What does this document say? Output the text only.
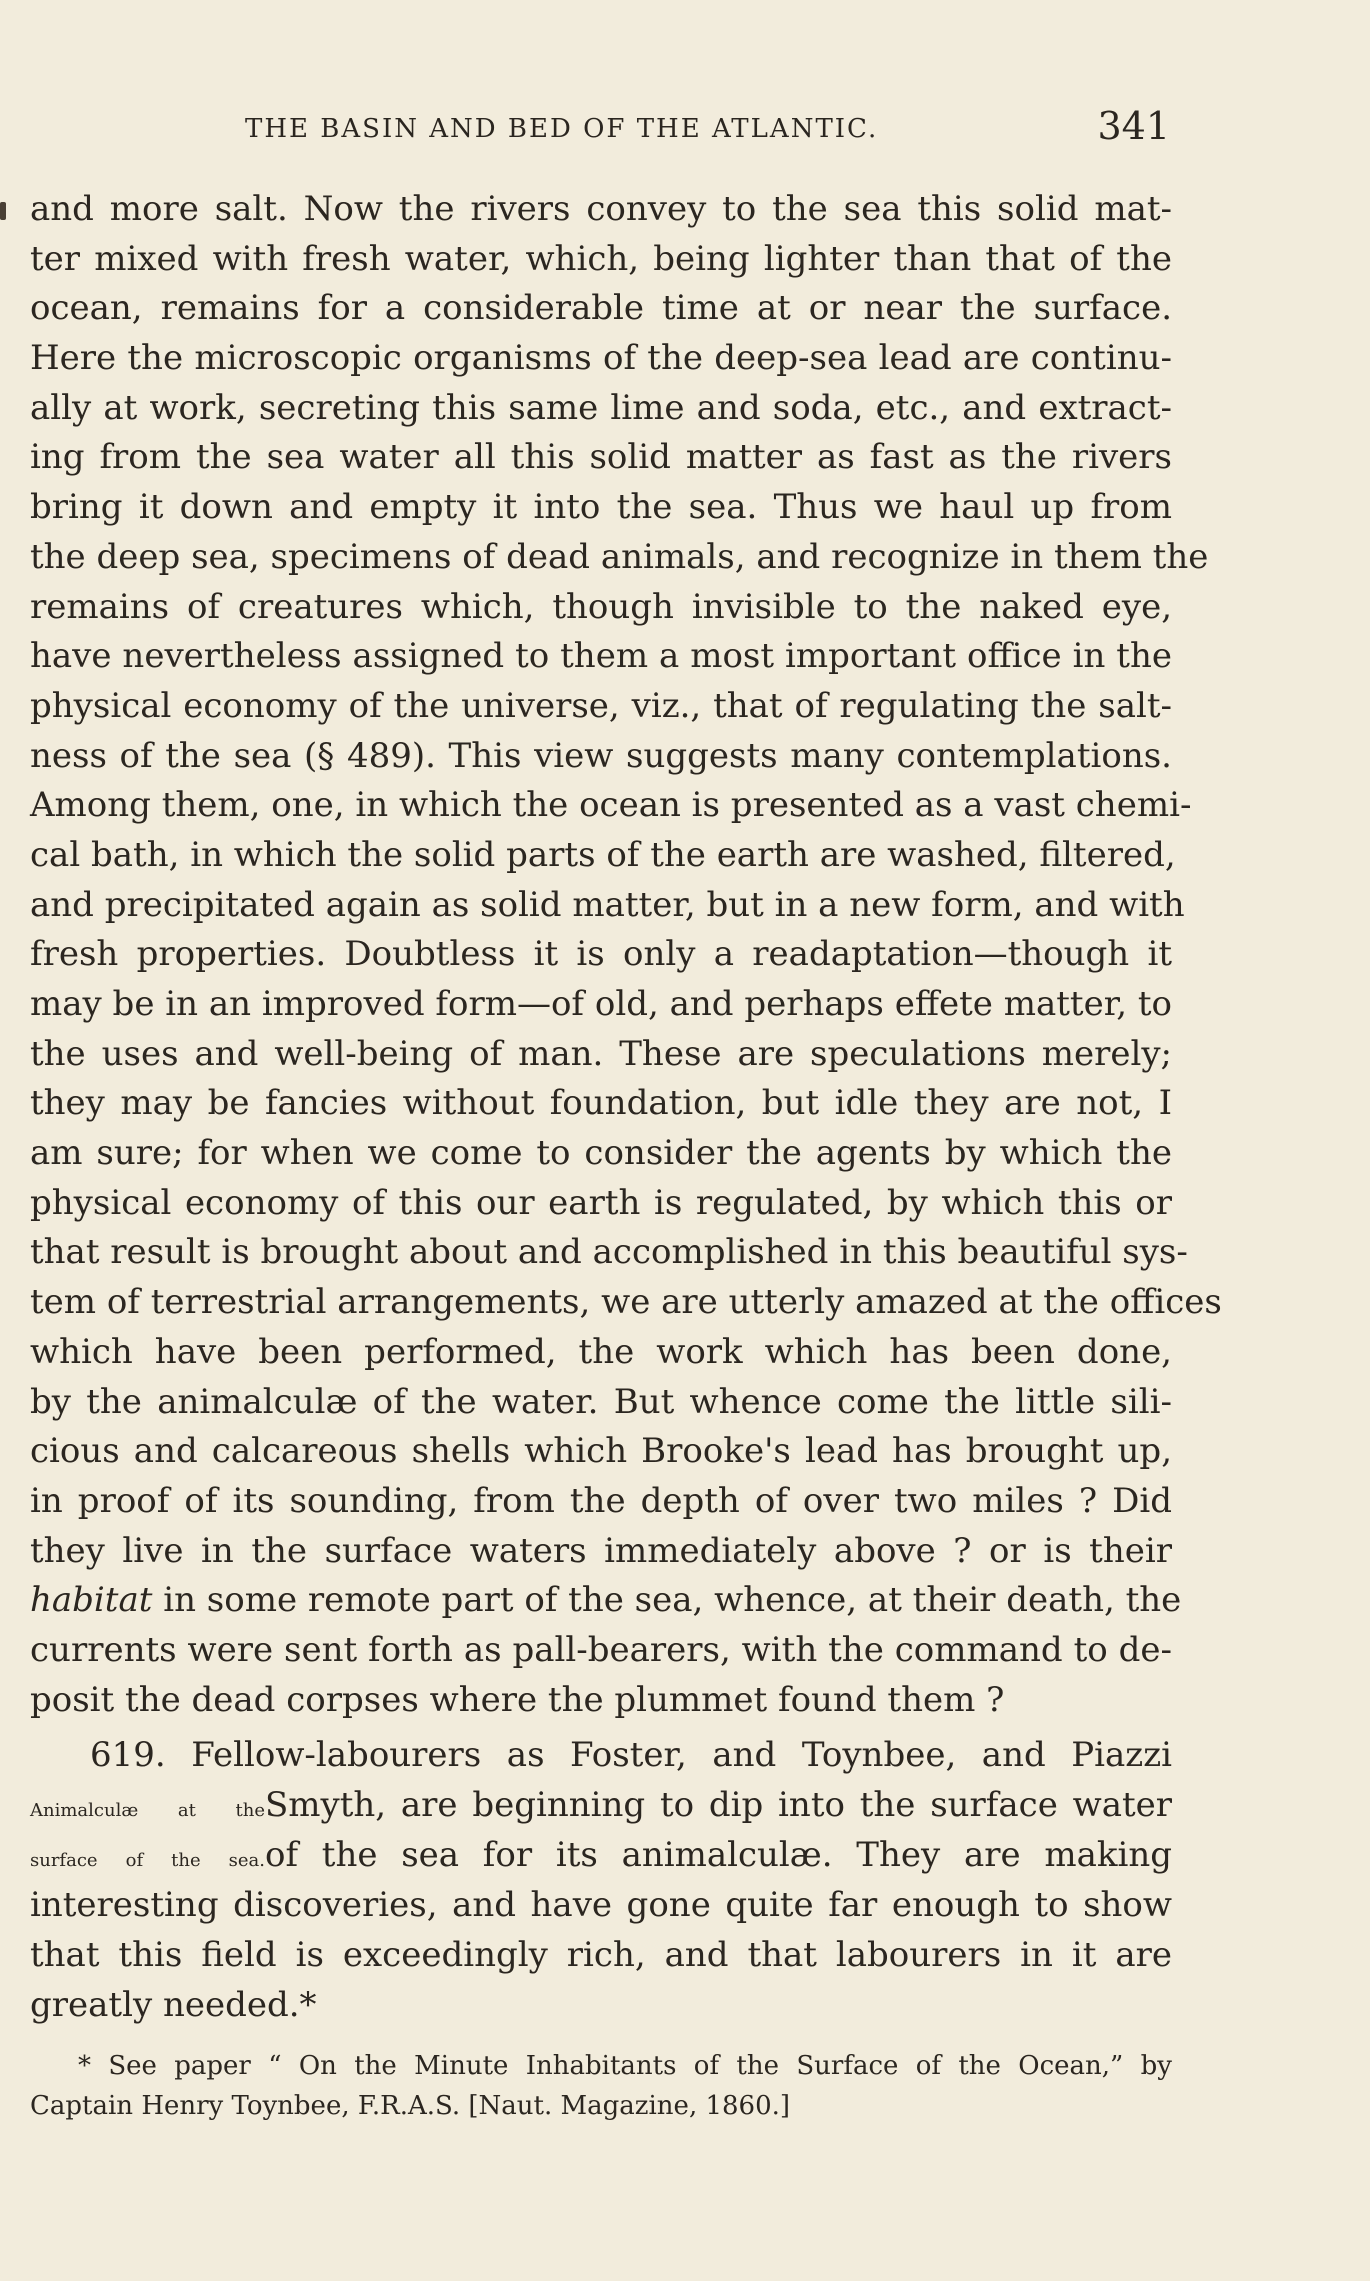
THE BASIN AND BED OF THE ATLANTIC.	341
and more salt. Now the rivers convey to the sea this solid mat-
ter mixed with fresh water, which, being lighter than that of the
ocean, remains for a considerable time at or near the surface.
Here the microscopic organisms of the deep-sea lead are continu-
ally at work, secreting this same lime and soda, etc., and extract-
ing from the sea water all this solid matter as fast as the rivers
bring it down and empty it into the sea. Thus we haul up from
the deep sea, specimens of dead animals, and recognize in them the
remains of creatures which, though invisible to the naked eye,
have nevertheless assigned to them a most important office in the
physical economy of the universe, viz., that of regulating the salt-
ness of the sea (§ 489). This view suggests many contemplations.
Among them, one, in which the ocean is presented as a vast chemi-
cal bath, in which the solid parts of the earth are washed, filtered,
and precipitated again as solid matter, but in a new form, and with
fresh properties. Doubtless it is only a readaptation—though it
may be in an improved form—of old, and perhaps effete matter, to
the uses and well-being of man. These are speculations merely;
they may be fancies without foundation, but idle they are not, I
am sure; for when we come to consider the agents by which the
physical economy of this our earth is regulated, by which this or
that result is brought about and accomplished in this beautiful sys-
tem of terrestrial arrangements, we are utterly amazed at the offices
which have been performed, the work which has been done,
by the animalculæ of the water. But whence come the little sili-
cious and calcareous shells which Brooke's lead has brought up,
in proof of its sounding, from the depth of over two miles ? Did
they live in the surface waters immediately above ? or is their
habitat in some remote part of the sea, whence, at their death, the
currents were sent forth as pall-bearers, with the command to de-
posit the dead corpses where the plummet found them ?
619. Fellow-labourers as Foster, and Toynbee, and Piazzi
Animalculæ at the Smyth, are beginning to dip into the surface water
surface of the sea. of the sea for its animalculæ. They are making
interesting discoveries, and have gone quite far enough to show
that this field is exceedingly rich, and that labourers in it are
greatly needed.*
* See paper “ On the Minute Inhabitants of the Surface of the Ocean,” by
Captain Henry Toynbee, F.R.A.S. [Naut. Magazine, 1860.]
